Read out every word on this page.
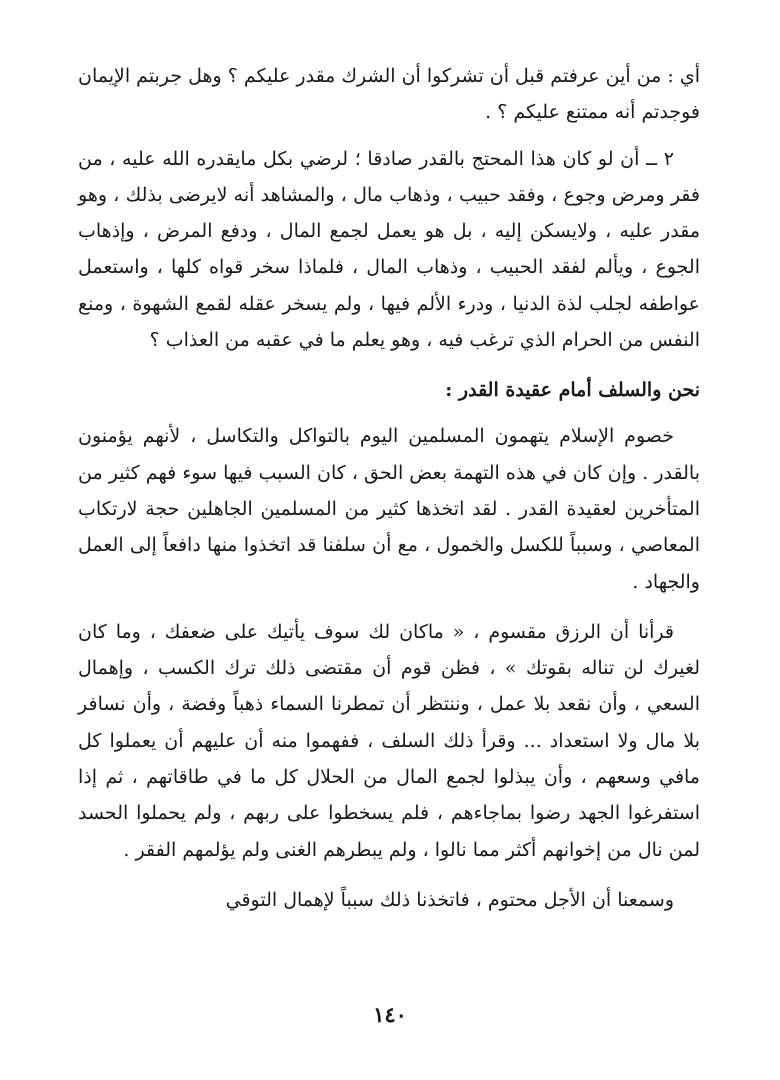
أي : من أين عرفتم قبل أن تشركوا أن الشرك مقدر عليكم ؟ وهل جربتم الإيمان فوجدتم أنه ممتنع عليكم ؟ .

٢ ــ أن لو كان هذا المحتج بالقدر صادقا ؛ لرضي بكل مايقدره الله عليه ، من فقر ومرض وجوع ، وفقد حبيب ، وذهاب مال ، والمشاهد أنه لايرضى بذلك ، وهو مقدر عليه ، ولايسكن إليه ، بل هو يعمل لجمع المال ، ودفع المرض ، وإذهاب الجوع ، ويألم لفقد الحبيب ، وذهاب المال ، فلماذا سخر قواه كلها ، واستعمل عواطفه لجلب لذة الدنيا ، ودرء الألم فيها ، ولم يسخر عقله لقمع الشهوة ، ومنع النفس من الحرام الذي ترغب فيه ، وهو يعلم ما في عقبه من العذاب ؟

نحن والسلف أمام عقيدة القدر :

خصوم الإسلام يتهمون المسلمين اليوم بالتواكل والتكاسل ، لأنهم يؤمنون بالقدر . وإن كان في هذه التهمة بعض الحق ، كان السبب فيها سوء فهم كثير من المتأخرين لعقيدة القدر . لقد اتخذها كثير من المسلمين الجاهلين حجة لارتكاب المعاصي ، وسبباً للكسل والخمول ، مع أن سلفنا قد اتخذوا منها دافعاً إلى العمل والجهاد .

قرأنا أن الرزق مقسوم ، « ماكان لك سوف يأتيك على ضعفك ، وما كان لغيرك لن تناله بقوتك » ، فظن قوم أن مقتضى ذلك ترك الكسب ، وإهمال السعي ، وأن نقعد بلا عمل ، وننتظر أن تمطرنا السماء ذهباً وفضة ، وأن نسافر بلا مال ولا استعداد ... وقرأ ذلك السلف ، ففهموا منه أن عليهم أن يعملوا كل مافي وسعهم ، وأن يبذلوا لجمع المال من الحلال كل ما في طاقاتهم ، ثم إذا استفرغوا الجهد رضوا بماجاءهم ، فلم يسخطوا على ربهم ، ولم يحملوا الحسد لمن نال من إخوانهم أكثر مما نالوا ، ولم يبطرهم الغنى ولم يؤلمهم الفقر .

وسمعنا أن الأجل محتوم ، فاتخذنا ذلك سبباً لإهمال التوقي

١٤٠
